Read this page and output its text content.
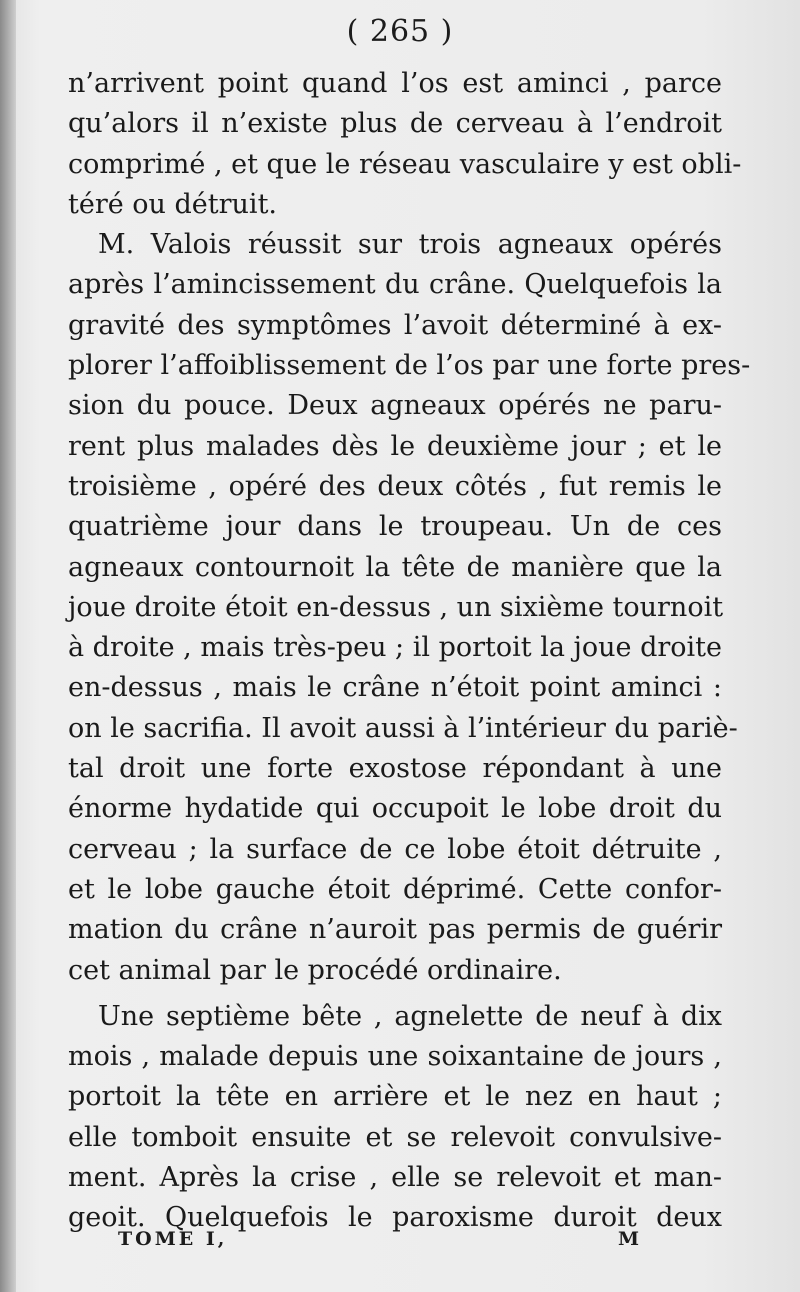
( 265 )
n’arrivent point quand l’os est aminci , parce
qu’alors il n’existe plus de cerveau à l’endroit
comprimé , et que le réseau vasculaire y est obli-
téré ou détruit.
M. Valois réussit sur trois agneaux opérés
après l’amincissement du crâne. Quelquefois la
gravité des symptômes l’avoit déterminé à ex-
plorer l’affoiblissement de l’os par une forte pres-
sion du pouce. Deux agneaux opérés ne paru-
rent plus malades dès le deuxième jour ; et le
troisième , opéré des deux côtés , fut remis le
quatrième jour dans le troupeau. Un de ces
agneaux contournoit la tête de manière que la
joue droite étoit en-dessus , un sixième tournoit
à droite , mais très-peu ; il portoit la joue droite
en-dessus , mais le crâne n’étoit point aminci :
on le sacrifia. Il avoit aussi à l’intérieur du pariè-
tal droit une forte exostose répondant à une
énorme hydatide qui occupoit le lobe droit du
cerveau ; la surface de ce lobe étoit détruite ,
et le lobe gauche étoit déprimé. Cette confor-
mation du crâne n’auroit pas permis de guérir
cet animal par le procédé ordinaire.
Une septième bête , agnelette de neuf à dix
mois , malade depuis une soixantaine de jours ,
portoit la tête en arrière et le nez en haut ;
elle tomboit ensuite et se relevoit convulsive-
ment. Après la crise , elle se relevoit et man-
geoit. Quelquefois le paroxisme duroit deux
TOME I,	M
